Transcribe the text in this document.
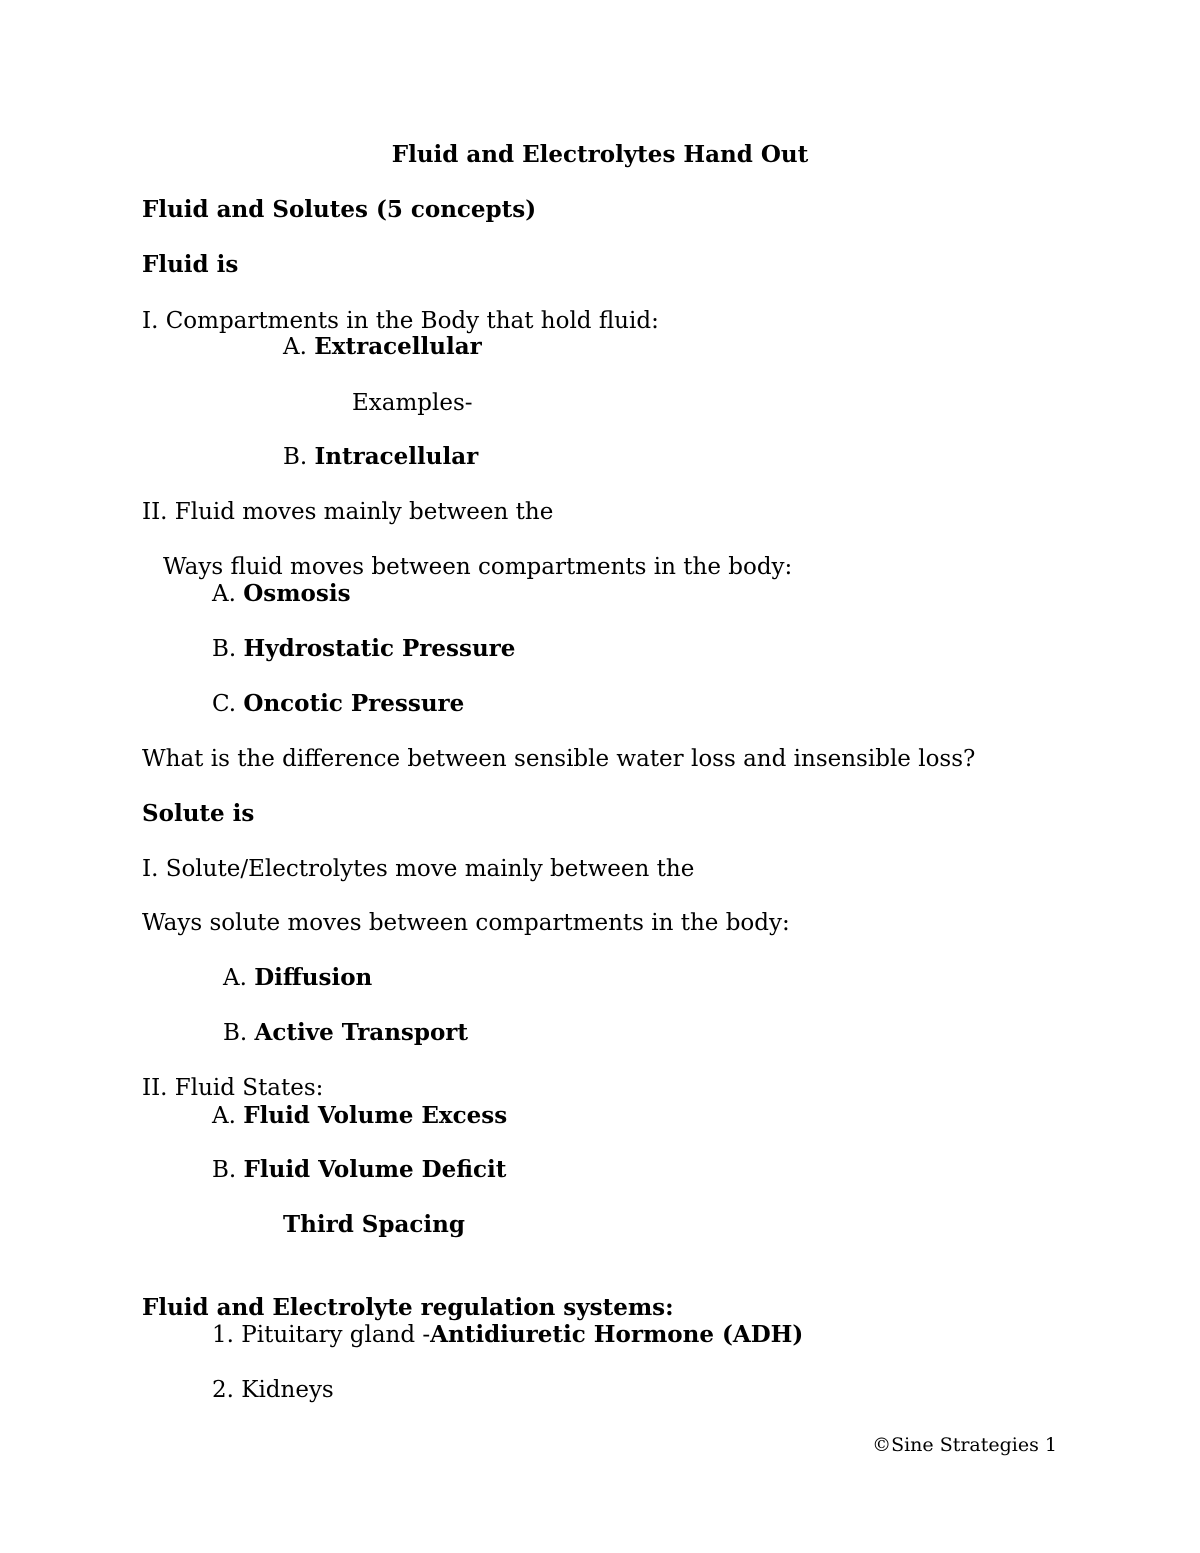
Fluid and Electrolytes Hand Out
Fluid and Solutes (5 concepts)
Fluid is
I. Compartments in the Body that hold fluid:
A. Extracellular
Examples-
B. Intracellular
II. Fluid moves mainly between the
Ways fluid moves between compartments in the body:
A. Osmosis
B. Hydrostatic Pressure
C. Oncotic Pressure
What is the difference between sensible water loss and insensible loss?
Solute is
I. Solute/Electrolytes move mainly between the
Ways solute moves between compartments in the body:
A. Diffusion
B. Active Transport
II. Fluid States:
A. Fluid Volume Excess
B. Fluid Volume Deficit
Third Spacing
Fluid and Electrolyte regulation systems:
1. Pituitary gland -Antidiuretic Hormone (ADH)
2. Kidneys
©Sine Strategies 1
